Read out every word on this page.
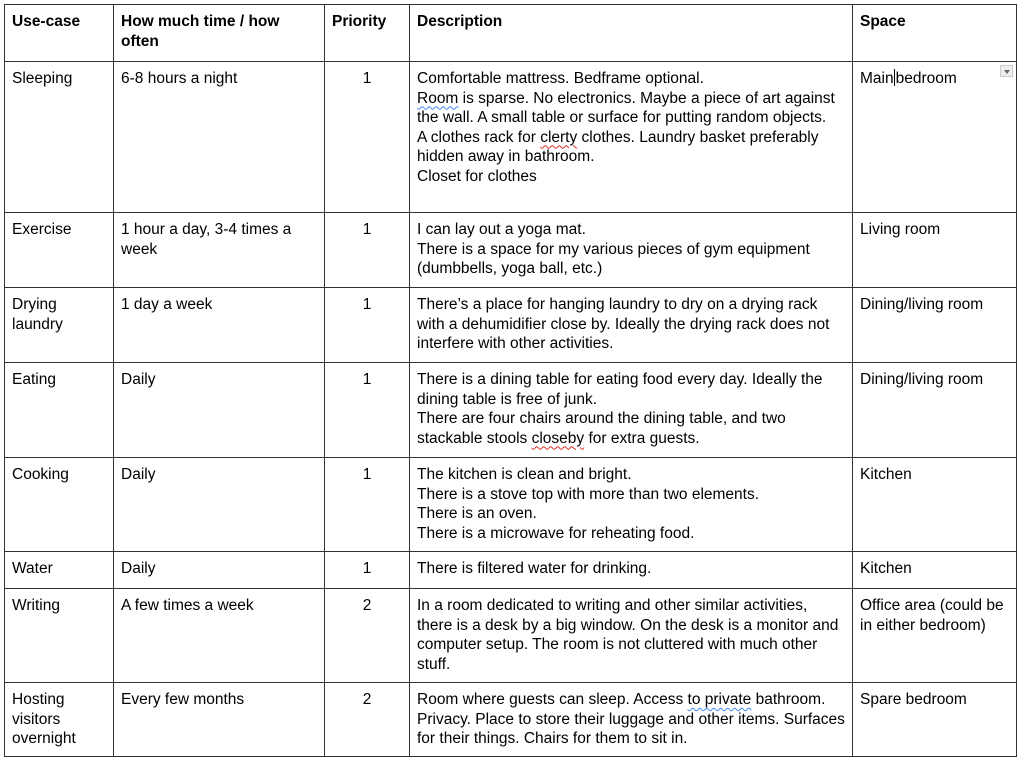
Use-case	How much time / how often	Priority	Description	Space
Sleeping	6-8 hours a night	1	Comfortable mattress. Bedframe optional.
Room is sparse. No electronics. Maybe a piece of art against the wall. A small table or surface for putting random objects.
A clothes rack for clerty clothes. Laundry basket preferably hidden away in bathroom.
Closet for clothes	Main bedroom

Exercise	1 hour a day, 3-4 times a week	1	I can lay out a yoga mat.
There is a space for my various pieces of gym equipment (dumbbells, yoga ball, etc.)	Living room
Drying laundry	1 day a week	1	There’s a place for hanging laundry to dry on a drying rack with a dehumidifier close by. Ideally the drying rack does not interfere with other activities.	Dining/living room
Eating	Daily	1	There is a dining table for eating food every day. Ideally the dining table is free of junk.
There are four chairs around the dining table, and two stackable stools closeby for extra guests.	Dining/living room
Cooking	Daily	1	The kitchen is clean and bright.
There is a stove top with more than two elements.
There is an oven.
There is a microwave for reheating food.	Kitchen
Water	Daily	1	There is filtered water for drinking.	Kitchen
Writing	A few times a week	2	In a room dedicated to writing and other similar activities, there is a desk by a big window. On the desk is a monitor and computer setup. The room is not cluttered with much other stuff.	Office area (could be in either bedroom)
Hosting visitors overnight	Every few months	2	Room where guests can sleep. Access to private bathroom. Privacy. Place to store their luggage and other items. Surfaces for their things. Chairs for them to sit in.	Spare bedroom
